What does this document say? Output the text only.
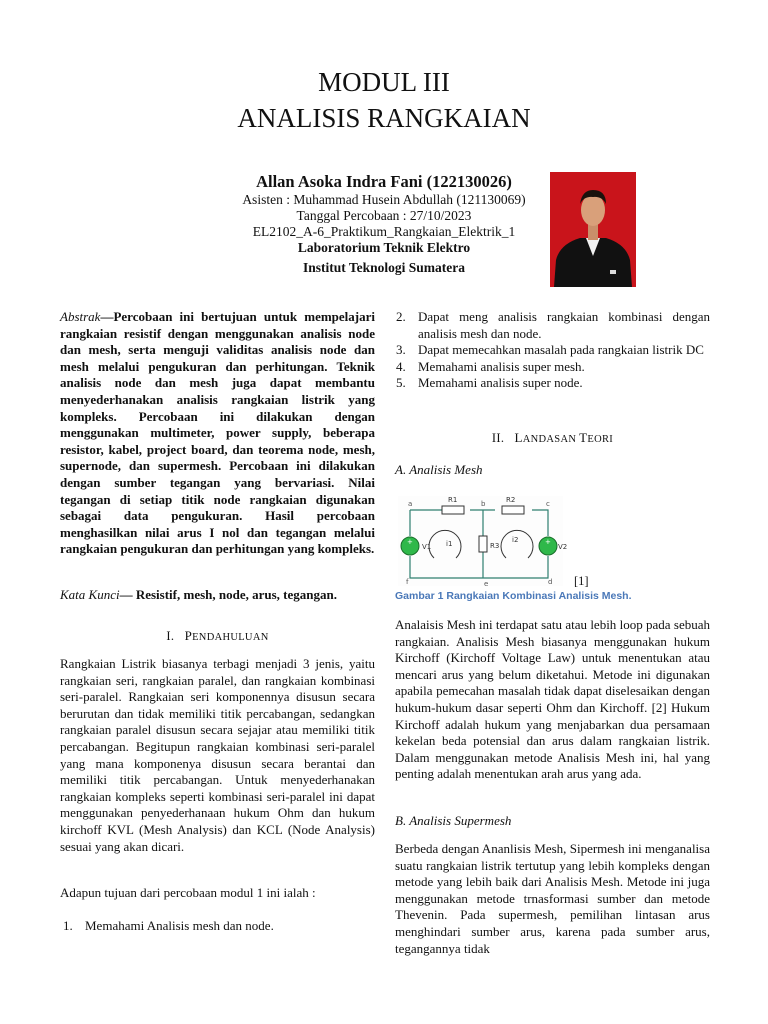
MODUL III
ANALISIS RANGKAIAN
Allan Asoka Indra Fani (122130026)
Asisten : Muhammad Husein Abdullah (121130069)
Tanggal Percobaan : 27/10/2023
EL2102_A-6_Praktikum_Rangkaian_Elektrik_1
Laboratorium Teknik Elektro
Institut Teknologi Sumatera
Abstrak—Percobaan ini bertujuan untuk mempelajari rangkaian resistif dengan menggunakan analisis node dan mesh, serta menguji validitas analisis node dan mesh melalui pengukuran dan perhitungan. Teknik analisis node dan mesh juga dapat membantu menyederhanakan analisis rangkaian listrik yang kompleks. Percobaan ini dilakukan dengan menggunakan multimeter, power supply, beberapa resistor, kabel, project board, dan teorema node, mesh, supernode, dan supermesh. Percobaan ini dilakukan dengan sumber tegangan yang bervariasi. Nilai tegangan di setiap titik node rangkaian digunakan sebagai data pengukuran. Hasil percobaan menghasilkan nilai arus I nol dan tegangan melalui rangkaian pengukuran dan perhitungan yang kompleks.
Kata Kunci— Resistif, mesh, node, arus, tegangan.
I. PENDAHULUAN
Rangkaian Listrik biasanya terbagi menjadi 3 jenis, yaitu rangkaian seri, rangkaian paralel, dan rangkaian kombinasi seri-paralel. Rangkaian seri komponennya disusun secara berurutan dan tidak memiliki titik percabangan, sedangkan rangkaian paralel disusun secara sejajar atau memiliki titik percabangan. Begitupun rangkaian kombinasi seri-paralel yang mana komponenya disusun secara berantai dan memiliki titik percabangan. Untuk menyederhanakan rangkaian kompleks seperti kombinasi seri-paralel ini dapat menggunakan penyederhanaan hukum Ohm dan hukum kirchoff KVL (Mesh Analysis) dan KCL (Node Analysis) sesuai yang akan dicari.
Adapun tujuan dari percobaan modul 1 ini ialah :
1. Memahami Analisis mesh dan node.
2. Dapat meng analisis rangkaian kombinasi dengan analisis mesh dan node.
3. Dapat memecahkan masalah pada rangkaian listrik DC
4. Memahami analisis super mesh.
5. Memahami analisis super node.
II. LANDASAN TEORI
A. Analisis Mesh
+	+
a	b	c
d
e
f
R1	R2
R3
V1	V2
i1	i2
[1]
Gambar 1 Rangkaian Kombinasi Analisis Mesh.
Analaisis Mesh ini terdapat satu atau lebih loop pada sebuah rangkaian. Analisis Mesh biasanya menggunakan hukum Kirchoff (Kirchoff Voltage Law) untuk menentukan atau mencari arus yang belum diketahui. Metode ini digunakan apabila pemecahan masalah tidak dapat diselesaikan dengan hukum-hukum dasar seperti Ohm dan Kirchoff. [2] Hukum Kirchoff adalah hukum yang menjabarkan dua persamaan kekelan beda potensial dan arus dalam rangkaian listrik. Dalam menggunakan metode Analisis Mesh ini, hal yang penting adalah menentukan arah arus yang ada.
B. Analisis Supermesh
Berbeda dengan Ananlisis Mesh, Sipermesh ini menganalisa suatu rangkaian listrik tertutup yang lebih kompleks dengan metode yang lebih baik dari Analisis Mesh. Metode ini juga menggunakan metode trnasformasi sumber dan metode Thevenin. Pada supermesh, pemilihan lintasan arus menghindari sumber arus, karena pada sumber arus, tegangannya tidak
